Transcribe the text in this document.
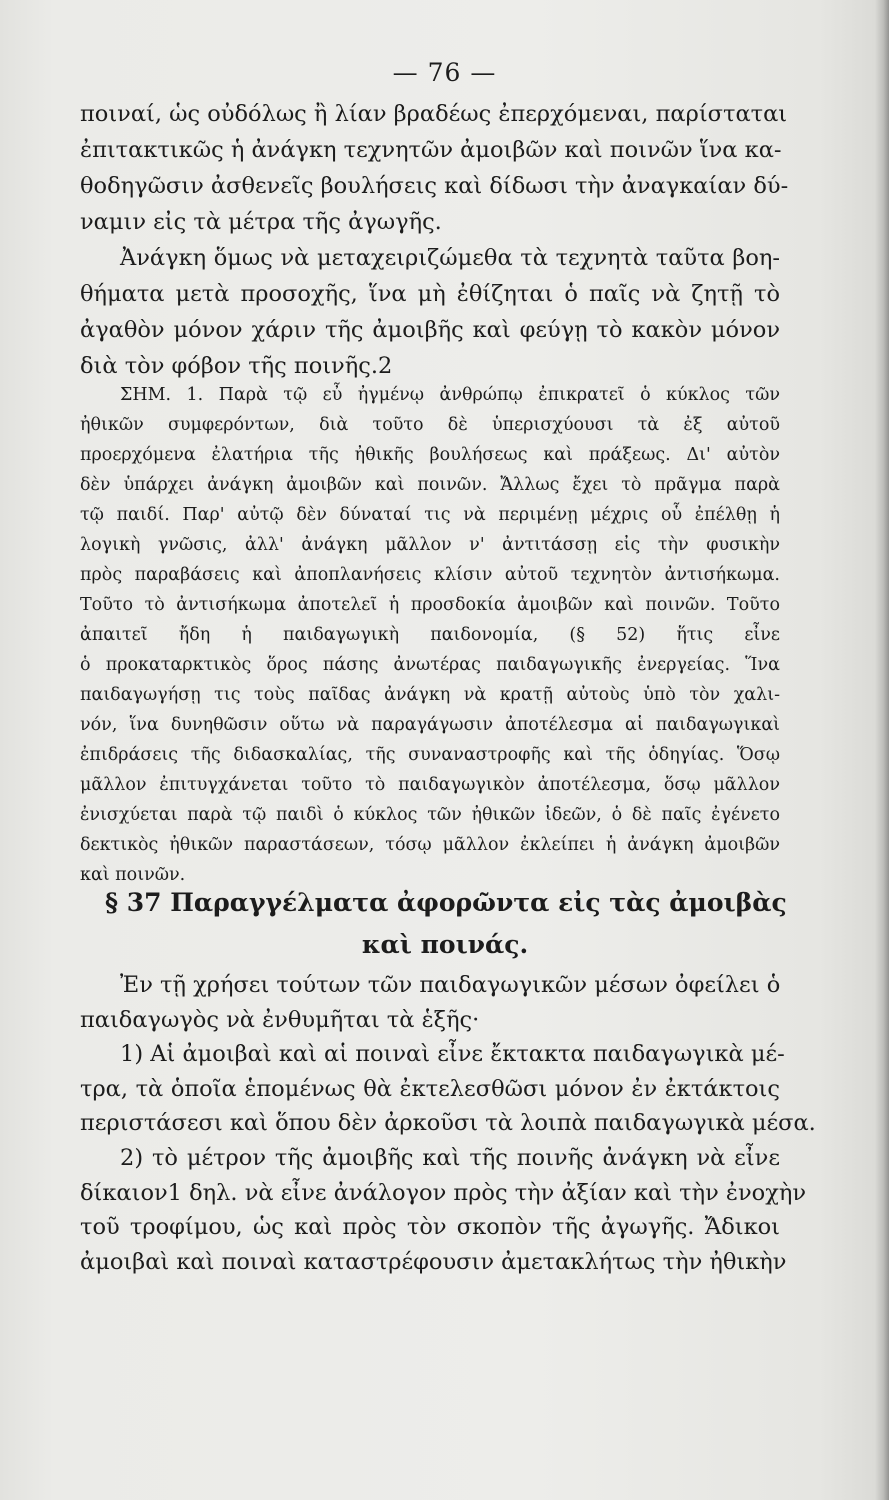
— 76 —
ποιναί, ὡς οὐδόλως ἢ λίαν βραδέως ἐπερχόμεναι, παρίσταται
ἐπιτακτικῶς ἡ ἀνάγκη τεχνητῶν ἀμοιβῶν καὶ ποινῶν ἵνα κα-
θοδηγῶσιν ἀσθενεῖς βουλήσεις καὶ δίδωσι τὴν ἀναγκαίαν δύ-
ναμιν εἰς τὰ μέτρα τῆς ἀγωγῆς.
Ἀνάγκη ὅμως νὰ μεταχειριζώμεθα τὰ τεχνητὰ ταῦτα βοη-
θήματα μετὰ προσοχῆς, ἵνα μὴ ἐθίζηται ὁ παῖς νὰ ζητῇ τὸ
ἀγαθὸν μόνον χάριν τῆς ἀμοιβῆς καὶ φεύγῃ τὸ κακὸν μόνον
διὰ τὸν φόβον τῆς ποινῆς.2
ΣΗΜ. 1. Παρὰ τῷ εὖ ἠγμένῳ ἀνθρώπῳ ἐπικρατεῖ ὁ κύκλος τῶν
ἠθικῶν συμφερόντων, διὰ τοῦτο δὲ ὑπερισχύουσι τὰ ἐξ αὐτοῦ
προερχόμενα ἐλατήρια τῆς ἠθικῆς βουλήσεως καὶ πράξεως. Δι' αὐτὸν
δὲν ὑπάρχει ἀνάγκη ἀμοιβῶν καὶ ποινῶν. Ἄλλως ἔχει τὸ πρᾶγμα παρὰ
τῷ παιδί. Παρ' αὐτῷ δὲν δύναταί τις νὰ περιμένῃ μέχρις οὗ ἐπέλθῃ ἡ
λογικὴ γνῶσις, ἀλλ' ἀνάγκη μᾶλλον ν' ἀντιτάσσῃ εἰς τὴν φυσικὴν
πρὸς παραβάσεις καὶ ἀποπλανήσεις κλίσιν αὐτοῦ τεχνητὸν ἀντισήκωμα.
Τοῦτο τὸ ἀντισήκωμα ἀποτελεῖ ἡ προσδοκία ἀμοιβῶν καὶ ποινῶν. Τοῦτο
ἀπαιτεῖ ἤδη ἡ παιδαγωγικὴ παιδονομία, (§ 52) ἥτις εἶνε
ὁ προκαταρκτικὸς ὅρος πάσης ἀνωτέρας παιδαγωγικῆς ἐνεργείας. Ἵνα
παιδαγωγήσῃ τις τοὺς παῖδας ἀνάγκη νὰ κρατῇ αὐτοὺς ὑπὸ τὸν χαλι-
νόν, ἵνα δυνηθῶσιν οὕτω νὰ παραγάγωσιν ἀποτέλεσμα αἱ παιδαγωγικαὶ
ἐπιδράσεις τῆς διδασκαλίας, τῆς συναναστροφῆς καὶ τῆς ὁδηγίας. Ὅσῳ
μᾶλλον ἐπιτυγχάνεται τοῦτο τὸ παιδαγωγικὸν ἀποτέλεσμα, ὅσῳ μᾶλλον
ἐνισχύεται παρὰ τῷ παιδὶ ὁ κύκλος τῶν ἠθικῶν ἰδεῶν, ὁ δὲ παῖς ἐγένετο
δεκτικὸς ἠθικῶν παραστάσεων, τόσῳ μᾶλλον ἐκλείπει ἡ ἀνάγκη ἀμοιβῶν
καὶ ποινῶν.
§ 37 Παραγγέλματα ἀφορῶντα εἰς τὰς ἀμοιβὰς
καὶ ποινάς.
Ἐν τῇ χρήσει τούτων τῶν παιδαγωγικῶν μέσων ὀφείλει ὁ
παιδαγωγὸς νὰ ἐνθυμῆται τὰ ἑξῆς·
1) Αἱ ἀμοιβαὶ καὶ αἱ ποιναὶ εἶνε ἔκτακτα παιδαγωγικὰ μέ-
τρα, τὰ ὁποῖα ἑπομένως θὰ ἐκτελεσθῶσι μόνον ἐν ἐκτάκτοις
περιστάσεσι καὶ ὅπου δὲν ἀρκοῦσι τὰ λοιπὰ παιδαγωγικὰ μέσα.
2) τὸ μέτρον τῆς ἀμοιβῆς καὶ τῆς ποινῆς ἀνάγκη νὰ εἶνε
δίκαιον1 δηλ. νὰ εἶνε ἀνάλογον πρὸς τὴν ἀξίαν καὶ τὴν ἐνοχὴν
τοῦ τροφίμου, ὡς καὶ πρὸς τὸν σκοπὸν τῆς ἀγωγῆς. Ἄδικοι
ἀμοιβαὶ καὶ ποιναὶ καταστρέφουσιν ἀμετακλήτως τὴν ἠθικὴν
